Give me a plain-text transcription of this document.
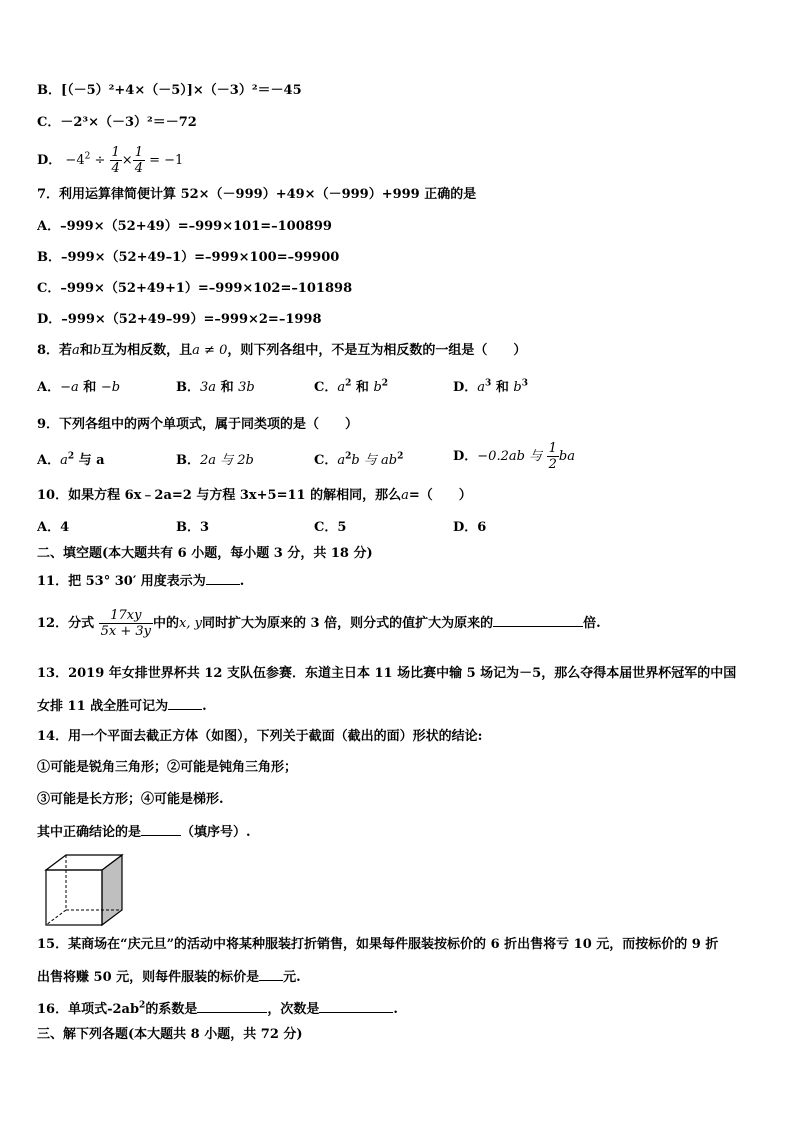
B．[（－5）²+4×（－5）]×（－3）²＝－45
C．－2³×（－3）²＝－72
D． $-4^2 \div \frac{1}{4} \times \frac{1}{4} = -1$
7．利用运算律简便计算 52×（－999）+49×（－999）+999 正确的是
A．–999×（52+49）=–999×101=–100899
B．–999×（52+49–1）=–999×100=–99900
C．–999×（52+49+1）=–999×102=–101898
D．–999×（52+49–99）=–999×2=–1998
8．若a和b互为相反数，且a ≠ 0，则下列各组中，不是互为相反数的一组是（　　）
A．−a 和 −b	B．3a 和 3b	C．$a^2$ 和 $b^2$	D．$a^3$ 和 $b^3$
9．下列各组中的两个单项式，属于同类项的是（　　）
A．$a^2$ 与 a	B．2a 与 2b	C．$a^2b$ 与 $ab^2$	D．−0.2ab 与 $\frac{1}{2}$ ba
10．如果方程 6x﹣2a=2 与方程 3x+5=11 的解相同，那么a=（　　）
A．4	B．3	C．5	D．6
二、填空题(本大题共有 6 小题，每小题 3 分，共 18 分)
11．把 53° 30′ 用度表示为	.
12．分式 $\frac{17xy}{5x + 3y}$ 中的x, y同时扩大为原来的 3 倍，则分式的值扩大为原来的	倍.
13．2019 年女排世界杯共 12 支队伍参赛．东道主日本 11 场比赛中输 5 场记为－5，那么夺得本届世界杯冠军的中国
女排 11 战全胜可记为	.
14．用一个平面去截正方体（如图），下列关于截面（截出的面）形状的结论:
①可能是锐角三角形；②可能是钝角三角形；
③可能是长方形；④可能是梯形.
其中正确结论的是	（填序号）.
15．某商场在“庆元旦”的活动中将某种服装打折销售，如果每件服装按标价的 6 折出售将亏 10 元，而按标价的 9 折
出售将赚 50 元，则每件服装的标价是 元.
16．单项式$-2ab^2$的系数是	，次数是	.
三、解下列各题(本大题共 8 小题，共 72 分)
